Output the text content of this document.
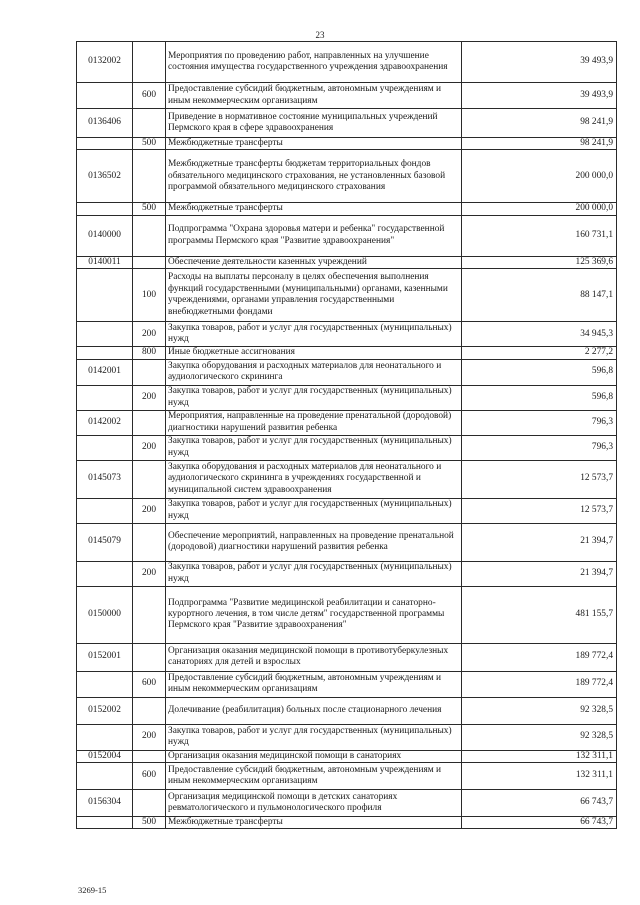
23
0132002		Мероприятия по проведению работ, направленных на улучшение состояния имущества государственного учреждения здравоохранения	39 493,9
	600	Предоставление субсидий бюджетным, автономным учреждениям и иным некоммерческим организациям	39 493,9
0136406		Приведение в нормативное состояние муниципальных учреждений Пермского края в сфере здравоохранения	98 241,9
	500	Межбюджетные трансферты	98 241,9
0136502		Межбюджетные трансферты бюджетам территориальных фондов обязательного медицинского страхования, не установленных базовой программой обязательного медицинского страхования	200 000,0
	500	Межбюджетные трансферты	200 000,0
0140000		Подпрограмма "Охрана здоровья матери и ребенка" государственной программы Пермского края "Развитие здравоохранения"	160 731,1
0140011		Обеспечение деятельности казенных учреждений	125 369,6
	100	Расходы на выплаты персоналу в целях обеспечения выполнения функций государственными (муниципальными) органами, казенными учреждениями, органами управления государственными внебюджетными фондами	88 147,1
	200	Закупка товаров, работ и услуг для государственных (муниципальных) нужд	34 945,3
	800	Иные бюджетные ассигнования	2 277,2
0142001		Закупка оборудования и расходных материалов для неонатального и аудиологического скрининга	596,8
	200	Закупка товаров, работ и услуг для государственных (муниципальных) нужд	596,8
0142002		Мероприятия, направленные на проведение пренатальной (дородовой) диагностики нарушений развития ребенка	796,3
	200	Закупка товаров, работ и услуг для государственных (муниципальных) нужд	796,3
0145073		Закупка оборудования и расходных материалов для неонатального и аудиологического скрининга в учреждениях государственной и муниципальной систем здравоохранения	12 573,7
	200	Закупка товаров, работ и услуг для государственных (муниципальных) нужд	12 573,7
0145079		Обеспечение мероприятий, направленных на проведение пренатальной (дородовой) диагностики нарушений развития ребенка	21 394,7
	200	Закупка товаров, работ и услуг для государственных (муниципальных) нужд	21 394,7
0150000		Подпрограмма "Развитие медицинской реабилитации и санаторно-курортного лечения, в том числе детям" государственной программы Пермского края "Развитие здравоохранения"	481 155,7
0152001		Организация оказания медицинской помощи в противотуберкулезных санаториях для детей и взрослых	189 772,4
	600	Предоставление субсидий бюджетным, автономным учреждениям и иным некоммерческим организациям	189 772,4
0152002		Долечивание (реабилитация) больных после стационарного лечения	92 328,5
	200	Закупка товаров, работ и услуг для государственных (муниципальных) нужд	92 328,5
0152004		Организация оказания медицинской помощи в санаториях	132 311,1
	600	Предоставление субсидий бюджетным, автономным учреждениям и иным некоммерческим организациям	132 311,1
0156304		Организация медицинской помощи в детских санаториях ревматологического и пульмонологического профиля	66 743,7
	500	Межбюджетные трансферты	66 743,7
3269-15
